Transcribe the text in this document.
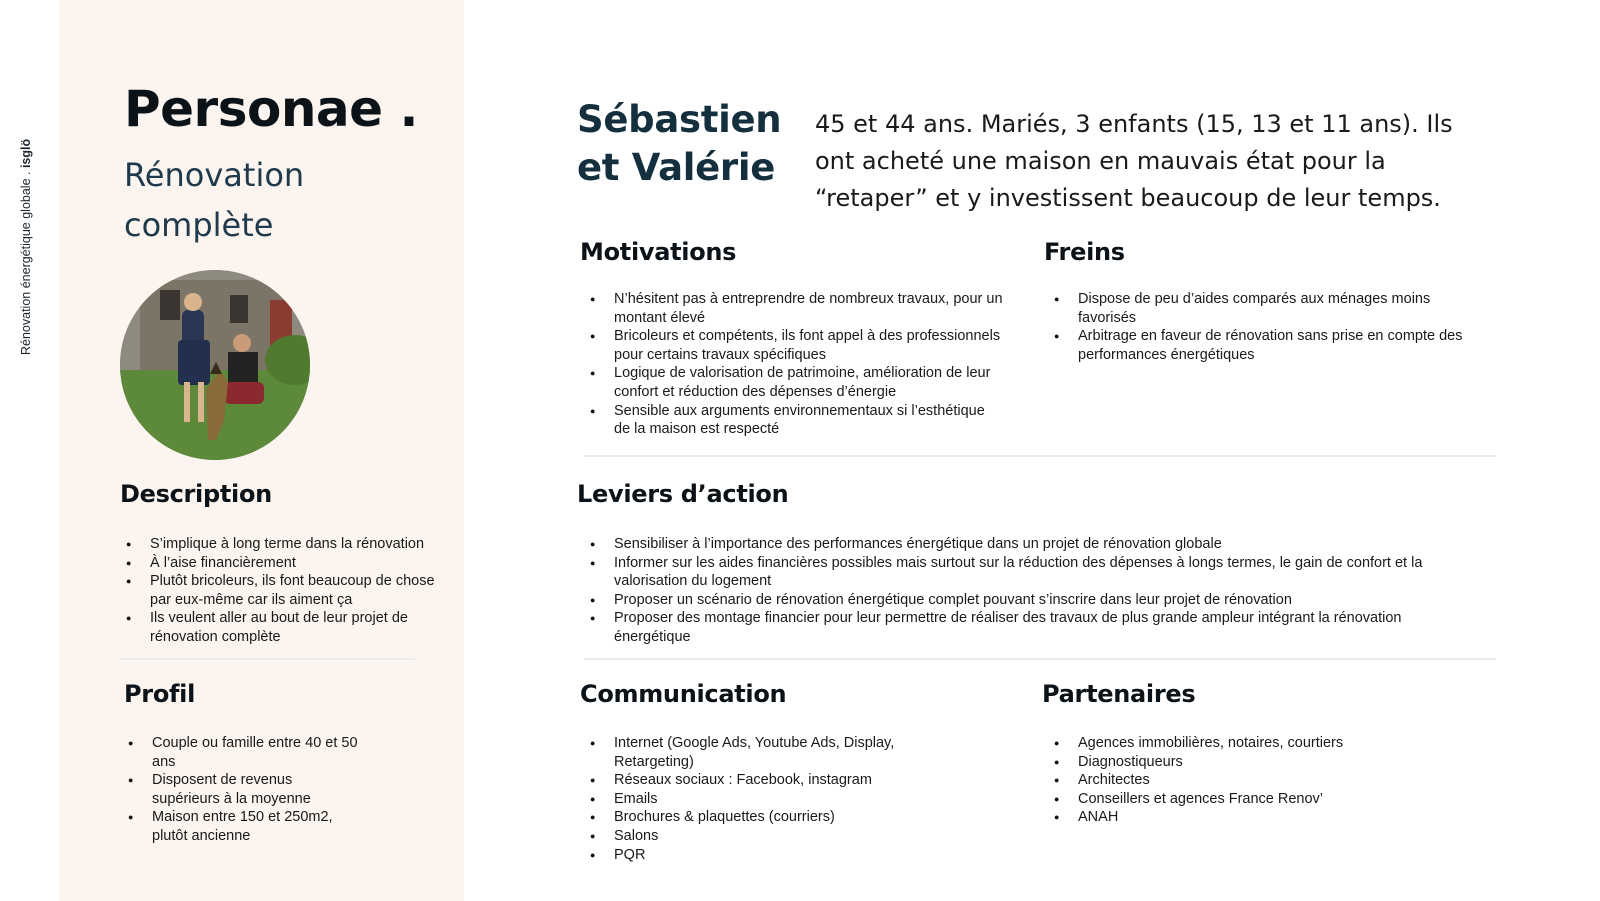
Rénovation énergétique globale . isglö
Personae .
Rénovation complète
Description
● S’implique à long terme dans la rénovation
● À l’aise financièrement
● Plutôt bricoleurs, ils font beaucoup de chose par eux-même car ils aiment ça
● Ils veulent aller au bout de leur projet de rénovation complète
Profil
● Couple ou famille entre 40 et 50 ans
● Disposent de revenus supérieurs à la moyenne
● Maison entre 150 et 250m2, plutôt ancienne
Sébastien
et Valérie
45 et 44 ans. Mariés, 3 enfants (15, 13 et 11 ans). Ils ont acheté une maison en mauvais état pour la “retaper” et y investissent beaucoup de leur temps.
Motivations
● N’hésitent pas à entreprendre de nombreux travaux, pour un montant élevé
● Bricoleurs et compétents, ils font appel à des professionnels pour certains travaux spécifiques
● Logique de valorisation de patrimoine, amélioration de leur confort et réduction des dépenses d’énergie
● Sensible aux arguments environnementaux si l’esthétique de la maison est respecté
Freins
● Dispose de peu d’aides comparés aux ménages moins favorisés
● Arbitrage en faveur de rénovation sans prise en compte des performances énergétiques
Leviers d’action
● Sensibiliser à l’importance des performances énergétique dans un projet de rénovation globale
● Informer sur les aides financières possibles mais surtout sur la réduction des dépenses à longs termes, le gain de confort et la valorisation du logement
● Proposer un scénario de rénovation énergétique complet pouvant s’inscrire dans leur projet de rénovation
● Proposer des montage financier pour leur permettre de réaliser des travaux de plus grande ampleur intégrant la rénovation énergétique
Communication
● Internet (Google Ads, Youtube Ads, Display, Retargeting)
● Réseaux sociaux : Facebook, instagram
● Emails
● Brochures & plaquettes (courriers)
● Salons
● PQR
Partenaires
● Agences immobilières, notaires, courtiers
● Diagnostiqueurs
● Architectes
● Conseillers et agences France Renov’
● ANAH
